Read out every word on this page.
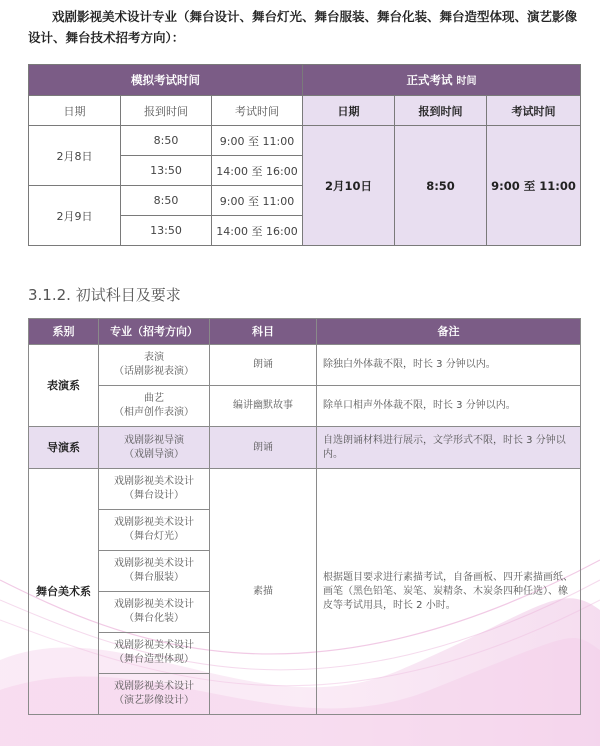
戏剧影视美术设计专业（舞台设计、舞台灯光、舞台服装、舞台化装、舞台造型体现、演艺影像设计、舞台技术招考方向）：
模拟考试时间			正式考试 时间		
日期	报到时间	考试时间	日期	报到时间	考试时间
2月8日	8:50	9:00 至 11:00	2月10日	8:50	9:00 至 11:00
	13:50	14:00 至 16:00			
2月9日	8:50	9:00 至 11:00			
	13:50	14:00 至 16:00			
3.1.2. 初试科目及要求
系别	专业（招考方向）	科目	备注
表演系	表演
（话剧影视表演）	朗诵	除独白外体裁不限，时长 3 分钟以内。

	曲艺
（相声创作表演）	编讲幽默故事	除单口相声外体裁不限，时长 3 分钟以内。
导演系	戏剧影视导演
（戏剧导演）	朗诵	自选朗诵材料进行展示，文学形式不限，时长 3 分钟以内。
舞台美术系	戏剧影视美术设计
（舞台设计）	素描	根据题目要求进行素描考试，自备画板、四开素描画纸、画笔（黑色铅笔、炭笔、炭精条、木炭条四种任选）、橡皮等考试用具，时长 2 小时。

	戏剧影视美术设计
（舞台灯光）		

	戏剧影视美术设计
（舞台服装）		

	戏剧影视美术设计
（舞台化装）		

	戏剧影视美术设计
（舞台造型体现）		

	戏剧影视美术设计
（演艺影像设计）		
